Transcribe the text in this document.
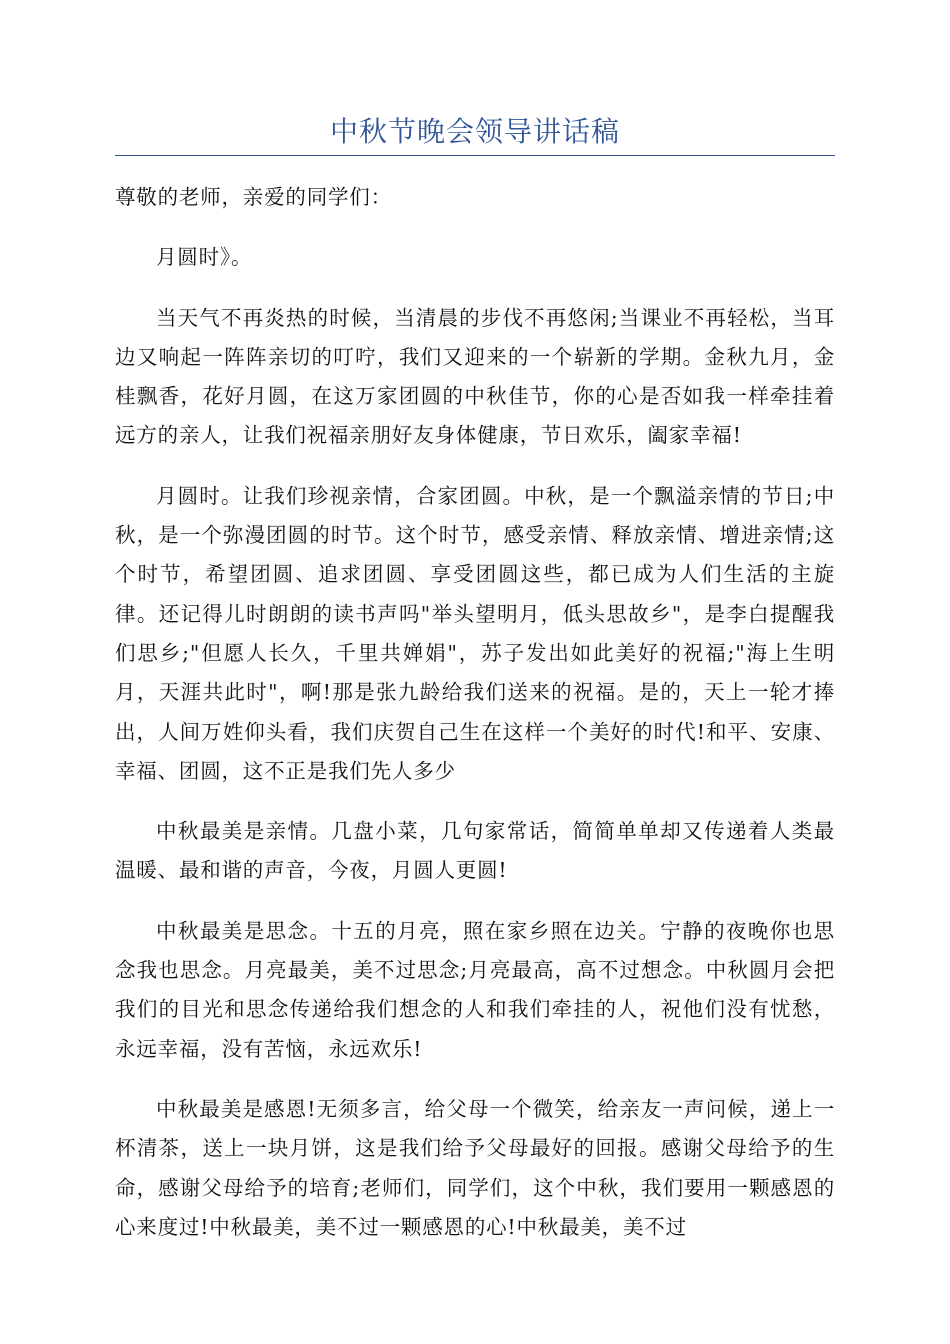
中秋节晚会领导讲话稿

尊敬的老师，亲爱的同学们：

月圆时》。

当天气不再炎热的时候，当清晨的步伐不再悠闲;当课业不再轻松，当耳边又响起一阵阵亲切的叮咛，我们又迎来的一个崭新的学期。金秋九月，金桂飘香，花好月圆，在这万家团圆的中秋佳节，你的心是否如我一样牵挂着远方的亲人，让我们祝福亲朋好友身体健康，节日欢乐，阖家幸福!

月圆时。让我们珍视亲情，合家团圆。中秋，是一个飘溢亲情的节日;中秋，是一个弥漫团圆的时节。这个时节，感受亲情、释放亲情、增进亲情;这个时节，希望团圆、追求团圆、享受团圆这些，都已成为人们生活的主旋律。还记得儿时朗朗的读书声吗"举头望明月，低头思故乡"，是李白提醒我们思乡;"但愿人长久，千里共婵娟"，苏子发出如此美好的祝福;"海上生明月，天涯共此时"，啊!那是张九龄给我们送来的祝福。是的，天上一轮才捧出，人间万姓仰头看，我们庆贺自己生在这样一个美好的时代!和平、安康、幸福、团圆，这不正是我们先人多少

中秋最美是亲情。几盘小菜，几句家常话，简简单单却又传递着人类最温暖、最和谐的声音，今夜，月圆人更圆!

中秋最美是思念。十五的月亮，照在家乡照在边关。宁静的夜晚你也思念我也思念。月亮最美，美不过思念;月亮最高，高不过想念。中秋圆月会把我们的目光和思念传递给我们想念的人和我们牵挂的人，祝他们没有忧愁，永远幸福，没有苦恼，永远欢乐!

中秋最美是感恩!无须多言，给父母一个微笑，给亲友一声问候，递上一杯清茶，送上一块月饼，这是我们给予父母最好的回报。感谢父母给予的生命，感谢父母给予的培育;老师们，同学们，这个中秋，我们要用一颗感恩的心来度过!中秋最美，美不过一颗感恩的心!中秋最美，美不过
